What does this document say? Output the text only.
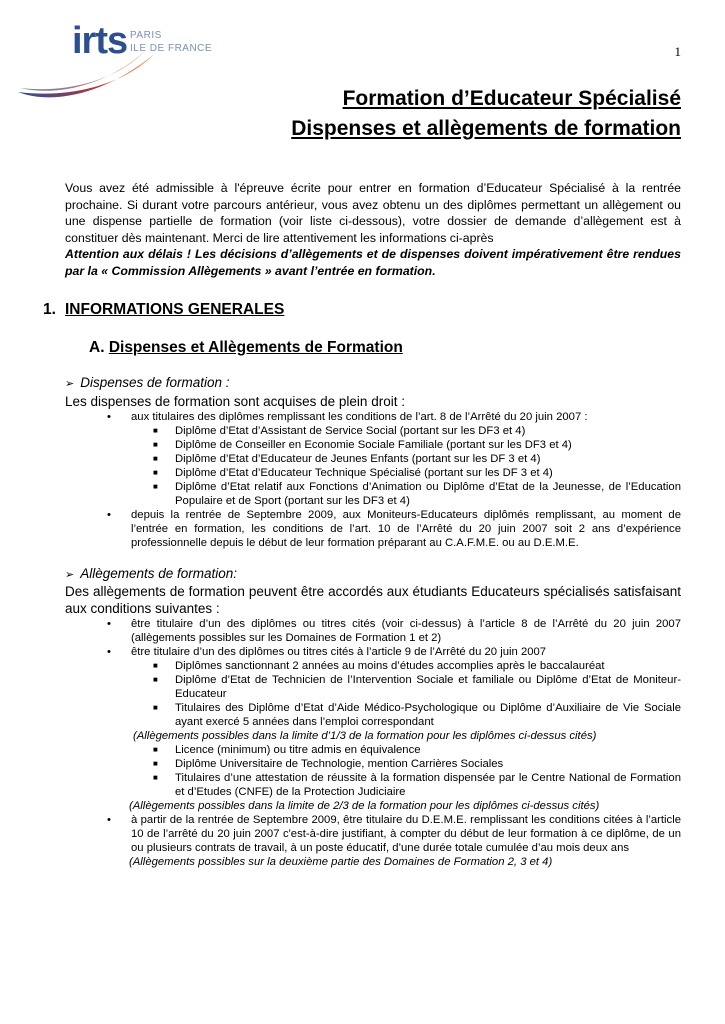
irts PARIS
ILE DE FRANCE	1
Formation d’Educateur Spécialisé
Dispenses et allègements de formation

Vous avez été admissible à l'épreuve écrite pour entrer en formation d’Educateur Spécialisé à la rentrée prochaine. Si durant votre parcours antérieur, vous avez obtenu un des diplômes permettant un allègement ou une dispense partielle de formation (voir liste ci-dessous), votre dossier de demande d’allègement est à constituer dès maintenant. Merci de lire attentivement les informations ci-après

Attention aux délais ! Les décisions d’allègements et de dispenses doivent impérativement être rendues par la « Commission Allègements » avant l’entrée en formation.

1. INFORMATIONS GENERALES
A. Dispenses et Allègements de Formation
➢ Dispenses de formation :

Les dispenses de formation sont acquises de plein droit :

• aux titulaires des diplômes remplissant les conditions de l’art. 8 de l’Arrêté du 20 juin 2007 :
■ Diplôme d’Etat d’Assistant de Service Social (portant sur les DF3 et 4)
■ Diplôme de Conseiller en Economie Sociale Familiale (portant sur les DF3 et 4)
■ Diplôme d’Etat d’Educateur de Jeunes Enfants (portant sur les DF 3 et 4)
■ Diplôme d’Etat d’Educateur Technique Spécialisé (portant sur les DF 3 et 4)
■ Diplôme d’Etat relatif aux Fonctions d’Animation ou Diplôme d’Etat de la Jeunesse, de l’Education Populaire et de Sport (portant sur les DF3 et 4)
• depuis la rentrée de Septembre 2009, aux Moniteurs-Educateurs diplômés remplissant, au moment de l’entrée en formation, les conditions de l’art. 10 de l’Arrêté du 20 juin 2007 soit 2 ans d’expérience professionnelle depuis le début de leur formation préparant au C.A.F.M.E. ou au D.E.M.E.
➢ Allègements de formation:

Des allègements de formation peuvent être accordés aux étudiants Educateurs spécialisés satisfaisant aux conditions suivantes :

• être titulaire d’un des diplômes ou titres cités (voir ci-dessus) à l’article 8 de l’Arrêté du 20 juin 2007 (allègements possibles sur les Domaines de Formation 1 et 2)
• être titulaire d’un des diplômes ou titres cités à l’article 9 de l’Arrêté du 20 juin 2007
■ Diplômes sanctionnant 2 années au moins d’études accomplies après le baccalauréat
■ Diplôme d’Etat de Technicien de l’Intervention Sociale et familiale ou Diplôme d’Etat de Moniteur-Educateur
■ Titulaires des Diplôme d’Etat d’Aide Médico-Psychologique ou Diplôme d’Auxiliaire de Vie Sociale ayant exercé 5 années dans l’emploi correspondant
(Allègements possibles dans la limite d’1/3 de la formation pour les diplômes ci-dessus cités)
■ Licence (minimum) ou titre admis en équivalence
■ Diplôme Universitaire de Technologie, mention Carrières Sociales
■ Titulaires d’une attestation de réussite à la formation dispensée par le Centre National de Formation et d’Etudes (CNFE) de la Protection Judiciaire
(Allègements possibles dans la limite de 2/3 de la formation pour les diplômes ci-dessus cités)
• à partir de la rentrée de Septembre 2009, être titulaire du D.E.M.E. remplissant les conditions citées à l’article 10 de l’arrêté du 20 juin 2007 c'est-à-dire justifiant, à compter du début de leur formation à ce diplôme, de un ou plusieurs contrats de travail, à un poste éducatif, d’une durée totale cumulée d’au mois deux ans
(Allègements possibles sur la deuxième partie des Domaines de Formation 2, 3 et 4)
